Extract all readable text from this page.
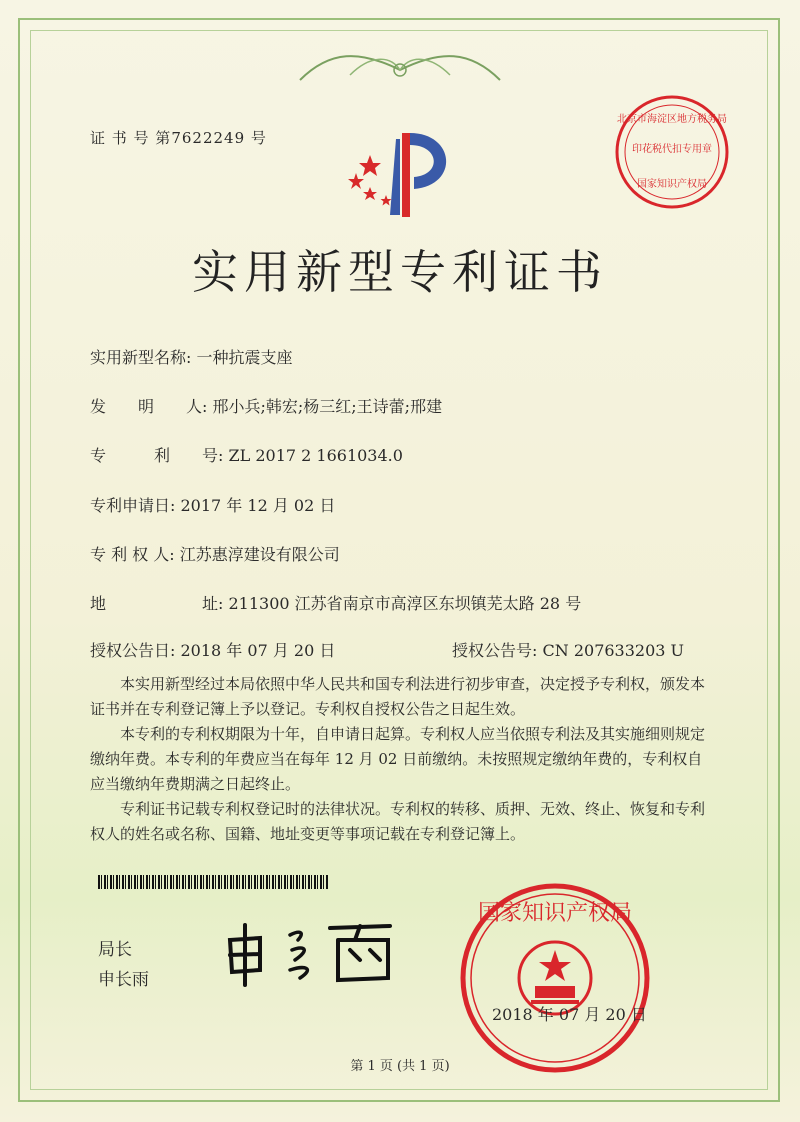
证 书 号 第7622249 号
北京市海淀区地方税务局
印花税代扣专用章
国家知识产权局
实用新型专利证书
实用新型名称: 一种抗震支座
发　　明　　人: 邢小兵;韩宏;杨三红;王诗蕾;邢建
专　　　利　　号: ZL 2017 2 1661034.0
专利申请日: 2017 年 12 月 02 日
专 利 权 人: 江苏惠淳建设有限公司
地　　　　　　址: 211300 江苏省南京市高淳区东坝镇芜太路 28 号
授权公告日: 2018 年 07 月 20 日	授权公告号: CN 207633203 U
本实用新型经过本局依照中华人民共和国专利法进行初步审查，决定授予专利权，颁发本证书并在专利登记簿上予以登记。专利权自授权公告之日起生效。
本专利的专利权期限为十年，自申请日起算。专利权人应当依照专利法及其实施细则规定缴纳年费。本专利的年费应当在每年 12 月 02 日前缴纳。未按照规定缴纳年费的，专利权自应当缴纳年费期满之日起终止。
专利证书记载专利权登记时的法律状况。专利权的转移、质押、无效、终止、恢复和专利权人的姓名或名称、国籍、地址变更等事项记载在专利登记簿上。
局长
申长雨
国家知识产权局
2018 年 07 月 20 日
第 1 页 (共 1 页)
